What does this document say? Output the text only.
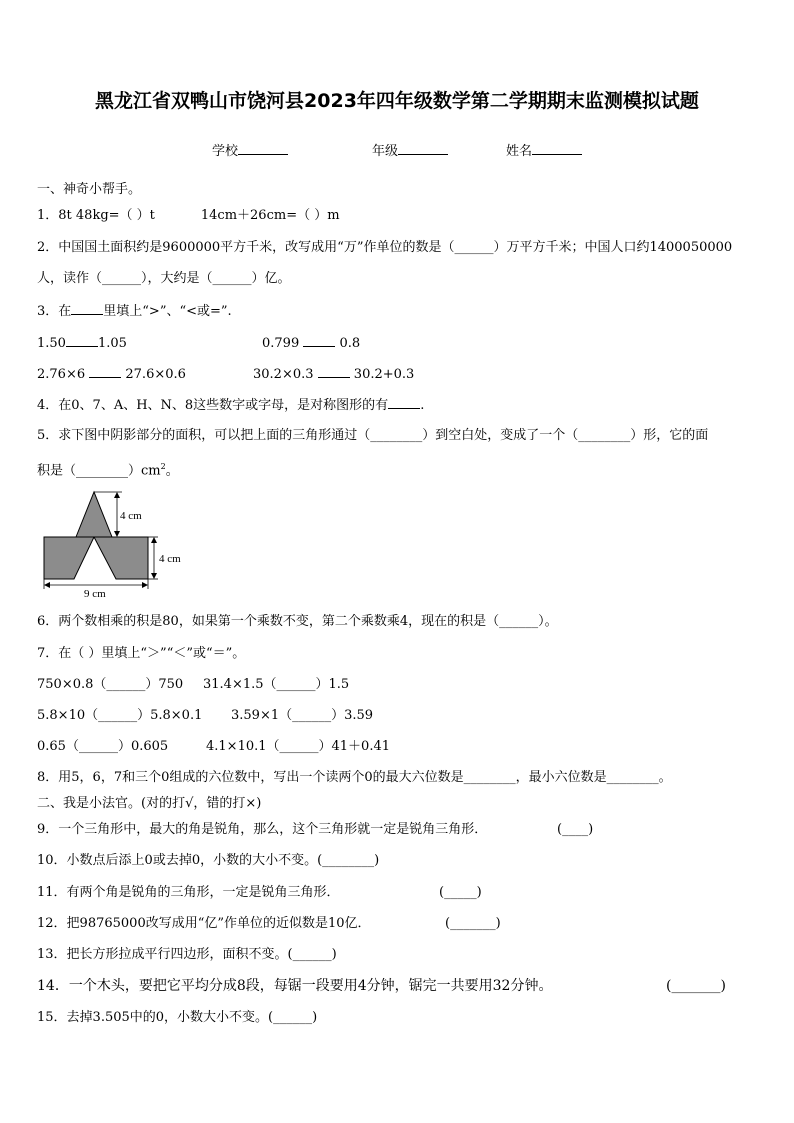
黑龙江省双鸭山市饶河县2023年四年级数学第二学期期末监测模拟试题
学校	年级	姓名
一、神奇小帮手。
1．8t 48kg=（ ）t	14cm＋26cm=（ ）m
2．中国国土面积约是9600000平方千米，改写成用“万”作单位的数是（______）万平方千米；中国人口约1400050000
人，读作（______），大约是（______）亿。
3．在 里填上“>”、“<或=”.
1.50 1.05	0.799	0.8
2.76×6	27.6×0.6	30.2×0.3	30.2+0.3
4．在0、7、A、H、N、8这些数字或字母，是对称图形的有 .
5．求下图中阴影部分的面积，可以把上面的三角形通过（________）到空白处，变成了一个（________）形，它的面
积是$(\_\_\_\_\_\_\_\_)cm^2$。
4 cm
4 cm
9 cm
6．两个数相乘的积是80，如果第一个乘数不变，第二个乘数乘4，现在的积是（______）。
7．在（ ）里填上“＞”“＜”或“＝”。
750×0.8（______）750 31.4×1.5（______）1.5
5.8×10（______）5.8×0.1 3.59×1（______）3.59
0.65（______）0.605	4.1×10.1（______）41＋0.41
8．用5，6，7和三个0组成的六位数中，写出一个读两个0的最大六位数是________，最小六位数是________。
二、我是小法官。(对的打√，错的打×)
9．一个三角形中，最大的角是锐角，那么，这个三角形就一定是锐角三角形．	(____)
10．小数点后添上0或去掉0，小数的大小不变。(________)
11．有两个角是锐角的三角形，一定是锐角三角形．	(_____)
12．把98765000改写成用“亿”作单位的近似数是10亿．	(_______)
13．把长方形拉成平行四边形，面积不变。(______)
14．一个木头，要把它平均分成8段，每锯一段要用4分钟，锯完一共要用32分钟。	(_______)
15．去掉3.505中的0，小数大小不变。(______)
